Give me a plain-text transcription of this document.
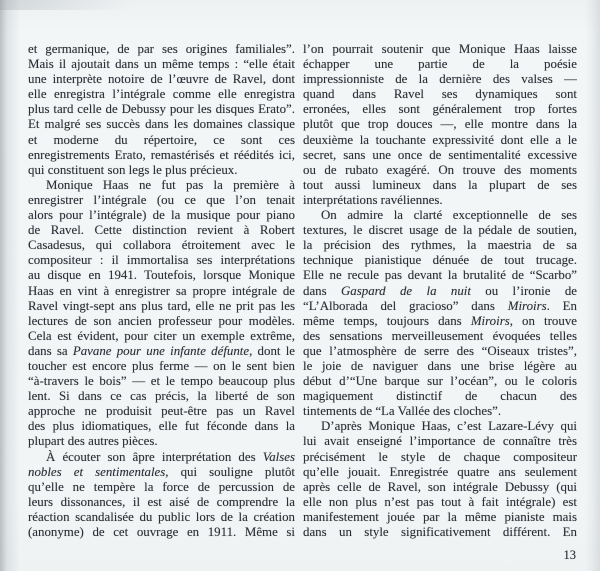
et germanique, de par ses origines familiales”.
Mais il ajoutait dans un même temps : “elle était
une interprète notoire de l’œuvre de Ravel, dont
elle enregistra l’intégrale comme elle enregistra
plus tard celle de Debussy pour les disques Erato”.
Et malgré ses succès dans les domaines classique
et moderne du répertoire, ce sont ces
enregistrements Erato, remastérisés et réédités ici,
qui constituent son legs le plus précieux.
Monique Haas ne fut pas la première à
enregistrer l’intégrale (ou ce que l’on tenait
alors pour l’intégrale) de la musique pour piano
de Ravel. Cette distinction revient à Robert
Casadesus, qui collabora étroitement avec le
compositeur : il immortalisa ses interprétations
au disque en 1941. Toutefois, lorsque Monique
Haas en vint à enregistrer sa propre intégrale de
Ravel vingt-sept ans plus tard, elle ne prit pas les
lectures de son ancien professeur pour modèles.
Cela est évident, pour citer un exemple extrême,
dans sa Pavane pour une infante défunte, dont le
toucher est encore plus ferme — on le sent bien
“à-travers le bois” — et le tempo beaucoup plus
lent. Si dans ce cas précis, la liberté de son
approche ne produisit peut-être pas un Ravel
des plus idiomatiques, elle fut féconde dans la
plupart des autres pièces.
À écouter son âpre interprétation des Valses
nobles et sentimentales, qui souligne plutôt
qu’elle ne tempère la force de percussion de
leurs dissonances, il est aisé de comprendre la
réaction scandalisée du public lors de la création
(anonyme) de cet ouvrage en 1911. Même si
l’on pourrait soutenir que Monique Haas laisse
échapper une partie de la poésie
impressionniste de la dernière des valses —
quand dans Ravel ses dynamiques sont
erronées, elles sont généralement trop fortes
plutôt que trop douces —, elle montre dans la
deuxième la touchante expressivité dont elle a le
secret, sans une once de sentimentalité excessive
ou de rubato exagéré. On trouve des moments
tout aussi lumineux dans la plupart de ses
interprétations ravéliennes.
On admire la clarté exceptionnelle de ses
textures, le discret usage de la pédale de soutien,
la précision des rythmes, la maestria de sa
technique pianistique dénuée de tout trucage.
Elle ne recule pas devant la brutalité de “Scarbo”
dans Gaspard de la nuit ou l’ironie de
“L’Alborada del gracioso” dans Miroirs. En
même temps, toujours dans Miroirs, on trouve
des sensations merveilleusement évoquées telles
que l’atmosphère de serre des “Oiseaux tristes”,
le joie de naviguer dans une brise légère au
début d’“Une barque sur l’océan”, ou le coloris
magiquement distinctif de chacun des
tintements de “La Vallée des cloches”.
D’après Monique Haas, c’est Lazare-Lévy qui
lui avait enseigné l’importance de connaître très
précisément le style de chaque compositeur
qu’elle jouait. Enregistrée quatre ans seulement
après celle de Ravel, son intégrale Debussy (qui
elle non plus n’est pas tout à fait intégrale) est
manifestement jouée par la même pianiste mais
dans un style significativement différent. En
13
